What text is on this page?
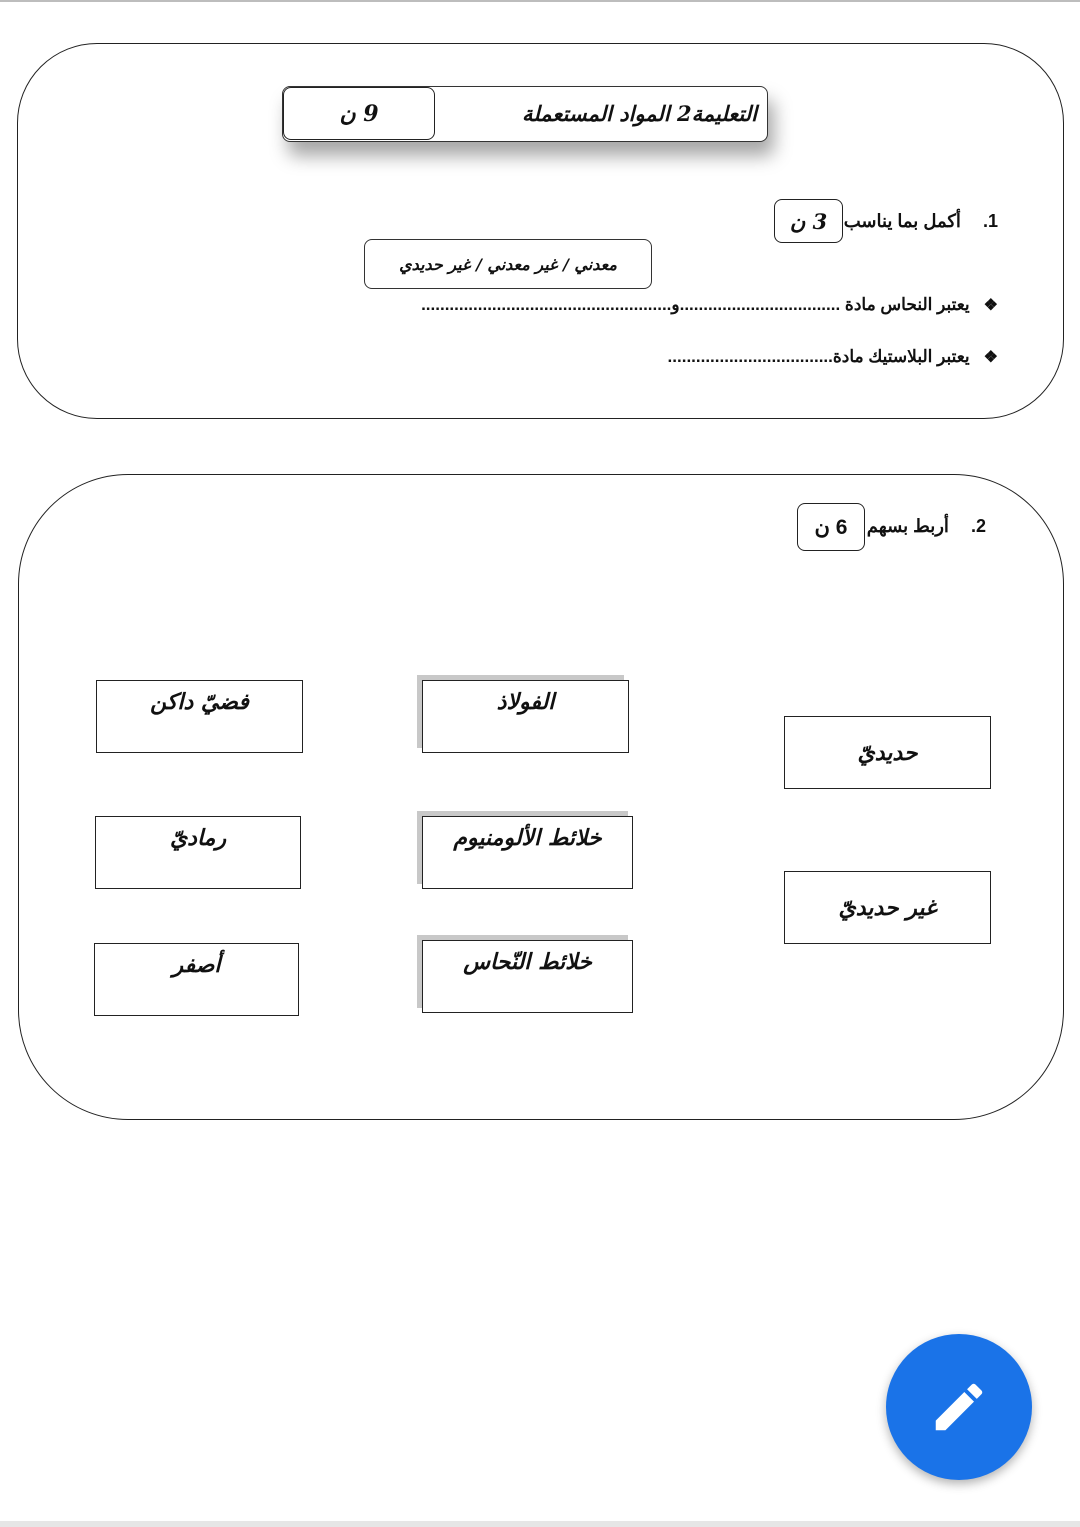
9 ن	التعليمة2 المواد المستعملة
1.  أكمل بما يناسب
3 ن
معدني / غير معدني / غير حديدي
❖يعتبر النحاس مادة ..................................و.....................................................
❖يعتبر البلاستيك مادة...................................
2.  أربط بسهم
6 ن
فضيّ داكن
رماديّ
أصفر
الفولاذ
خلائط الألومنيوم
خلائط النّحاس
حديديّ
غير حديديّ
